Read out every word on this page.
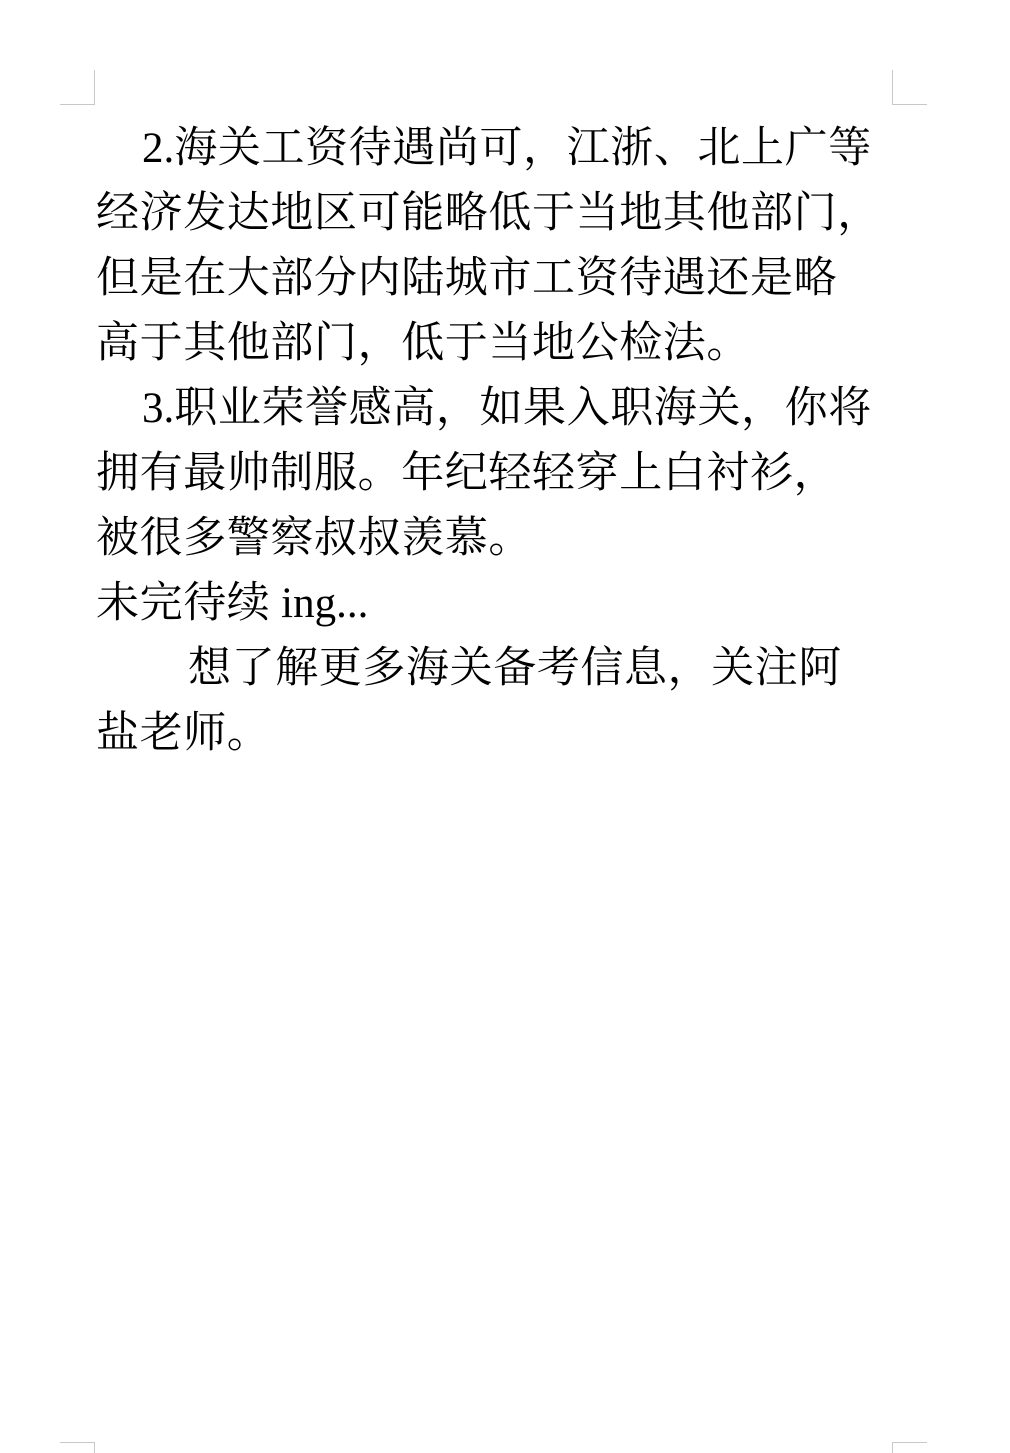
2.海关工资待遇尚可，江浙、北上广等

经济发达地区可能略低于当地其他部门，

但是在大部分内陆城市工资待遇还是略

高于其他部门，低于当地公检法。

3.职业荣誉感高，如果入职海关，你将

拥有最帅制服。年纪轻轻穿上白衬衫，

被很多警察叔叔羡慕。

未完待续 ing...

想了解更多海关备考信息，关注阿

盐老师。
